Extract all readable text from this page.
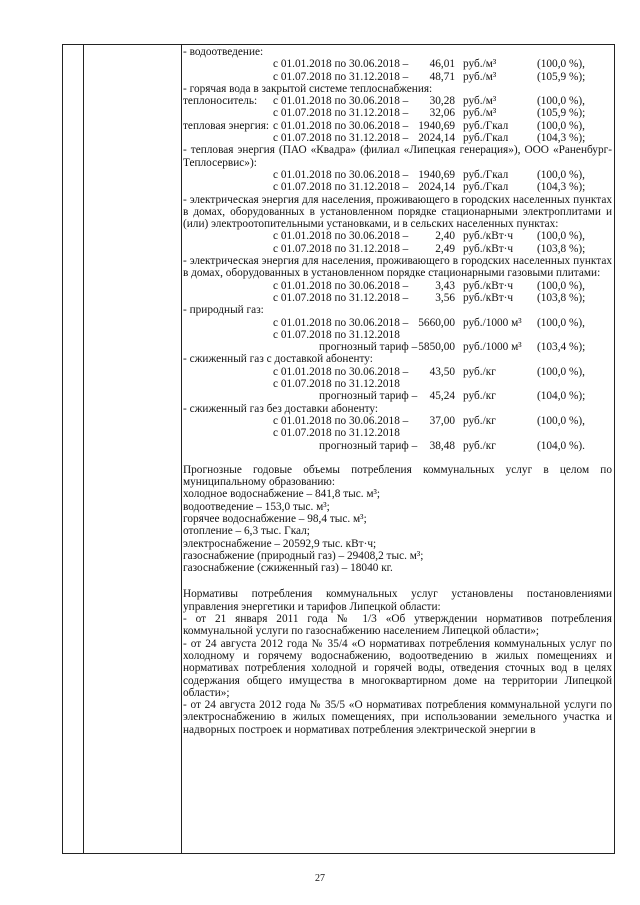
- водоотведение:

с 01.01.2018 по 30.06.2018 –	46,01 руб./м³	(100,0 %),
с 01.07.2018 по 31.12.2018 –	48,71 руб./м³	(105,9 %);

- горячая вода в закрытой системе теплоснабжения:

теплоноситель: с 01.01.2018 по 30.06.2018 –	30,28 руб./м³	(100,0 %),
с 01.07.2018 по 31.12.2018 –	32,06 руб./м³	(105,9 %);
тепловая энергия: с 01.01.2018 по 30.06.2018 – 1940,69 руб./Гкал	(100,0 %),
с 01.07.2018 по 31.12.2018 – 2024,14 руб./Гкал	(104,3 %);

- тепловая энергия (ПАО «Квадра» (филиал «Липецкая генерация»), ООО «Раненбург-Теплосервис»):

с 01.01.2018 по 30.06.2018 – 1940,69 руб./Гкал	(100,0 %),
с 01.07.2018 по 31.12.2018 – 2024,14 руб./Гкал	(104,3 %);

- электрическая энергия для населения, проживающего в городских населенных пунктах в домах, оборудованных в установленном порядке стационарными электроплитами и (или) электроотопительными установками, и в сельских населенных пунктах:

с 01.01.2018 по 30.06.2018 –	2,40 руб./кВт·ч (100,0 %),
с 01.07.2018 по 31.12.2018 –	2,49 руб./кВт·ч (103,8 %);

- электрическая энергия для населения, проживающего в городских населенных пунктах в домах, оборудованных в установленном порядке стационарными газовыми плитами:

с 01.01.2018 по 30.06.2018 –	3,43 руб./кВт·ч (100,0 %),
с 01.07.2018 по 31.12.2018 –	3,56 руб./кВт·ч (103,8 %);

- природный газ:

с 01.01.2018 по 30.06.2018 – 5660,00 руб./1000 м³ (100,0 %),
с 01.07.2018 по 31.12.2018
прогнозный тариф – 5850,00 руб./1000 м³ (103,4 %);

- сжиженный газ с доставкой абоненту:

с 01.01.2018 по 30.06.2018 –	43,50 руб./кг	(100,0 %),
с 01.07.2018 по 31.12.2018
прогнозный тариф –	45,24 руб./кг	(104,0 %);

- сжиженный газ без доставки абоненту:

с 01.01.2018 по 30.06.2018 –	37,00 руб./кг	(100,0 %),
с 01.07.2018 по 31.12.2018
прогнозный тариф –	38,48 руб./кг	(104,0 %).

Прогнозные годовые объемы потребления коммунальных услуг в целом по муниципальному образованию:

холодное водоснабжение – 841,8 тыс. м³;

водоотведение – 153,0 тыс. м³;

горячее водоснабжение – 98,4 тыс. м³;

отопление – 6,3 тыс. Гкал;

электроснабжение – 20592,9 тыс. кВт·ч;

газоснабжение (природный газ) – 29408,2 тыс. м³;

газоснабжение (сжиженный газ) – 18040 кг.

Нормативы потребления коммунальных услуг установлены постановлениями управления энергетики и тарифов Липецкой области:

- от 21 января 2011 года № 1/3 «Об утверждении нормативов потребления коммунальной услуги по газоснабжению населением Липецкой области»;

- от 24 августа 2012 года № 35/4 «О нормативах потребления коммунальных услуг по холодному и горячему водоснабжению, водоотведению в жилых помещениях и нормативах потребления холодной и горячей воды, отведения сточных вод в целях содержания общего имущества в многоквартирном доме на территории Липецкой области»;

- от 24 августа 2012 года № 35/5 «О нормативах потребления коммунальной услуги по электроснабжению в жилых помещениях, при использовании земельного участка и надворных построек и нормативах потребления электрической энергии в

27
